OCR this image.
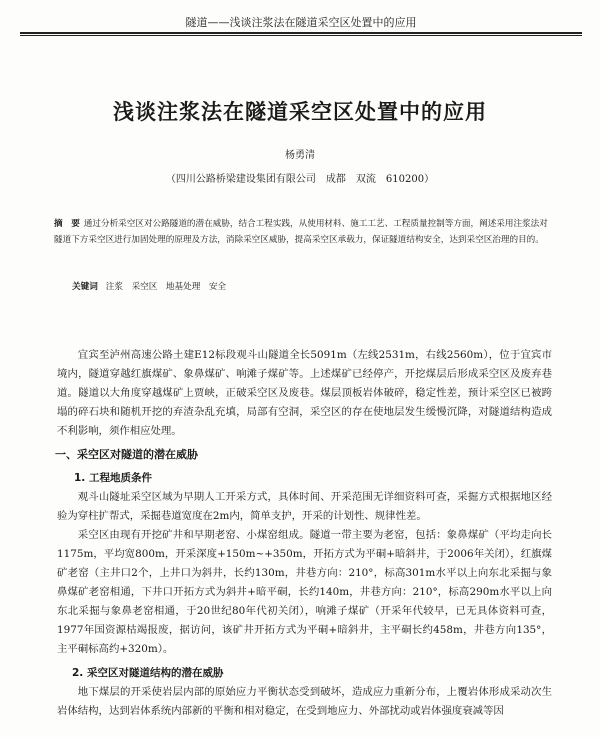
隧道——浅谈注浆法在隧道采空区处置中的应用
浅谈注浆法在隧道采空区处置中的应用
杨勇清
（四川公路桥梁建设集团有限公司　成都　双流　610200）
摘　要 通过分析采空区对公路隧道的潜在威胁，结合工程实践，从使用材料、施工工艺、工程质量控制等方面，阐述采用注浆法对隧道下方采空区进行加固处理的原理及方法，消除采空区威胁，提高采空区承载力，保证隧道结构安全，达到采空区治理的目的。
关键词 注浆　采空区　地基处理　安全
宜宾至泸州高速公路土建E12标段观斗山隧道全长5091m（左线2531m，右线2560m），位于宜宾市境内，隧道穿越红旗煤矿、象鼻煤矿、响滩子煤矿等。上述煤矿已经停产，开挖煤层后形成采空区及废弃巷道。隧道以大角度穿越煤矿上贾峡，正破采空区及废巷。煤层顶板岩体破碎，稳定性差，预计采空区已被跨塌的碎石块和随机开挖的弃渣杂乱充填，局部有空洞，采空区的存在使地层发生缓慢沉降，对隧道结构造成不利影响，须作相应处理。
一、采空区对隧道的潜在威胁
1. 工程地质条件
观斗山隧址采空区域为早期人工开采方式，具体时间、开采范围无详细资料可查，采掘方式根据地区经验为穿柱扩帮式，采掘巷道宽度在2m内，简单支护，开采的计划性、规律性差。
采空区由现有开挖矿井和早期老窑、小煤窑组成。隧道一带主要为老窑，包括：象鼻煤矿（平均走向长1175m，平均宽800m，开采深度+150m~+350m，开拓方式为平硐+暗斜井，于2006年关闭），红旗煤矿老窑（主井口2个，上井口为斜井，长约130m，井巷方向：210°，标高301m水平以上向东北采掘与象鼻煤矿老窑相通，下井口开拓方式为斜井+暗平硐，长约140m，井巷方向：210°，标高290m水平以上向东北采掘与象鼻老窑相通，于20世纪80年代初关闭），响滩子煤矿（开采年代较早，已无具体资料可查，1977年国资源枯竭报废，据访问，该矿井开拓方式为平硐+暗斜井，主平硐长约458m，井巷方向135°，主平硐标高约+320m）。
2. 采空区对隧道结构的潜在威胁
地下煤层的开采使岩层内部的原始应力平衡状态受到破坏，造成应力重新分布，上覆岩体形成采动次生岩体结构，达到岩体系统内部新的平衡和相对稳定，在受到地应力、外部扰动或岩体强度衰减等因
